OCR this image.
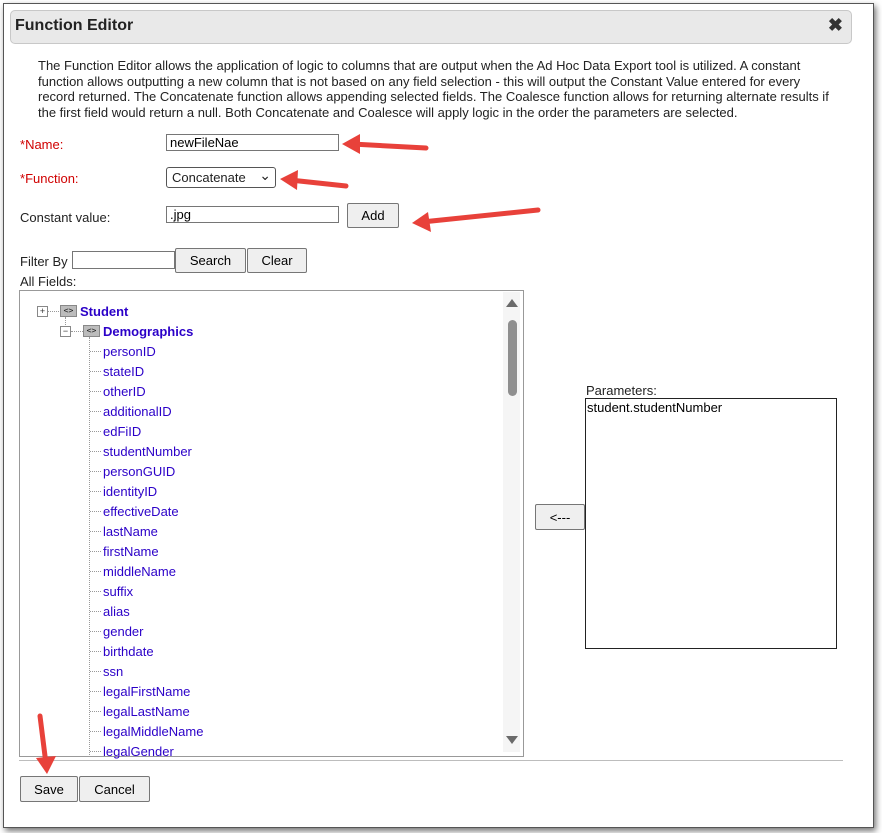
Function Editor	✖
The Function Editor allows the application of logic to columns that are output when the Ad Hoc Data Export tool is utilized. A constant function allows outputting a new column that is not based on any field selection - this will output the Constant Value entered for every record returned. The Concatenate function allows appending selected fields. The Coalesce function allows for returning alternate results if the first field would return a null. Both Concatenate and Coalesce will apply logic in the order the parameters are selected.
*Name:
newFileNae
*Function:	Concatenate ⌄
Constant value:
.jpg	Add
Filter By	Search	Clear
All Fields:
+	<> Student
−	<> Demographics
personID
stateID
otherID
additionalID
edFiID
studentNumber
personGUID
identityID
effectiveDate
lastName
firstName
middleName
suffix
alias
gender
birthdate
ssn
legalFirstName
legalLastName
legalMiddleName
legalGender
Parameters:
student.studentNumber
<---
Save	Cancel
